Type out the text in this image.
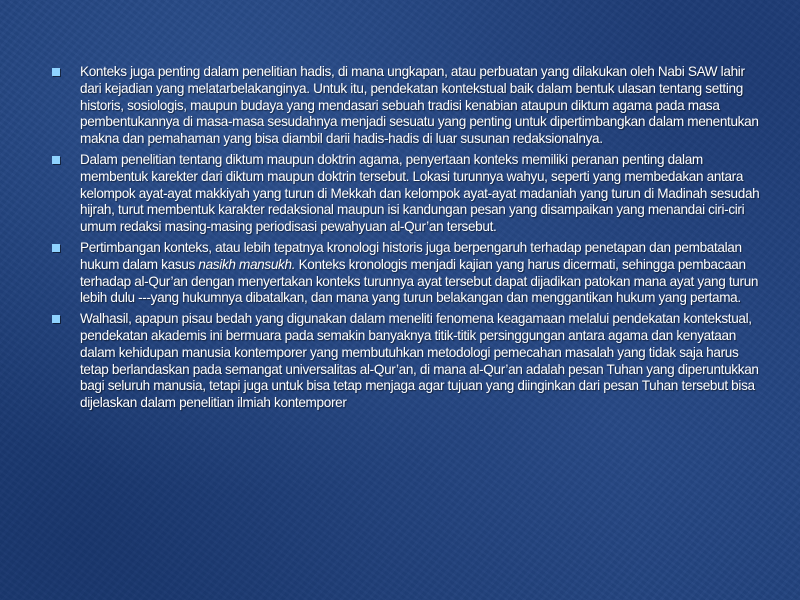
Konteks juga penting dalam penelitian hadis, di mana ungkapan, atau perbuatan yang dilakukan oleh Nabi SAW lahir dari kejadian yang melatarbelakanginya. Untuk itu, pendekatan kontekstual baik dalam bentuk ulasan tentang setting historis, sosiologis, maupun budaya yang mendasari sebuah tradisi kenabian ataupun diktum agama pada masa pembentukannya di masa-masa sesudahnya menjadi sesuatu yang penting untuk dipertimbangkan dalam menentukan makna dan pemahaman yang bisa diambil darii hadis-hadis di luar susunan redaksionalnya.
Dalam penelitian tentang diktum maupun doktrin agama, penyertaan konteks memiliki peranan penting dalam membentuk karekter dari diktum maupun doktrin tersebut. Lokasi turunnya wahyu, seperti yang membedakan antara kelompok ayat-ayat makkiyah yang turun di Mekkah dan kelompok ayat-ayat madaniah yang turun di Madinah sesudah hijrah, turut membentuk karakter redaksional maupun isi kandungan pesan yang disampaikan yang menandai ciri-ciri umum redaksi masing-masing periodisasi pewahyuan al-Qur’an tersebut.
Pertimbangan konteks, atau lebih tepatnya kronologi historis juga berpengaruh terhadap penetapan dan pembatalan hukum dalam kasus nasikh mansukh. Konteks kronologis menjadi kajian yang harus dicermati, sehingga pembacaan terhadap al-Qur’an dengan menyertakan konteks turunnya ayat tersebut dapat dijadikan patokan mana ayat yang turun lebih dulu ---yang hukumnya dibatalkan, dan mana yang turun belakangan dan menggantikan hukum yang pertama.
Walhasil, apapun pisau bedah yang digunakan dalam meneliti fenomena keagamaan melalui pendekatan kontekstual, pendekatan akademis ini bermuara pada semakin banyaknya titik-titik persinggungan antara agama dan kenyataan dalam kehidupan manusia kontemporer yang membutuhkan metodologi pemecahan masalah yang tidak saja harus tetap berlandaskan pada semangat universalitas al-Qur’an, di mana al-Qur’an adalah pesan Tuhan yang diperuntukkan bagi seluruh manusia, tetapi juga untuk bisa tetap menjaga agar tujuan yang diinginkan dari pesan Tuhan tersebut bisa dijelaskan dalam penelitian ilmiah kontemporer
